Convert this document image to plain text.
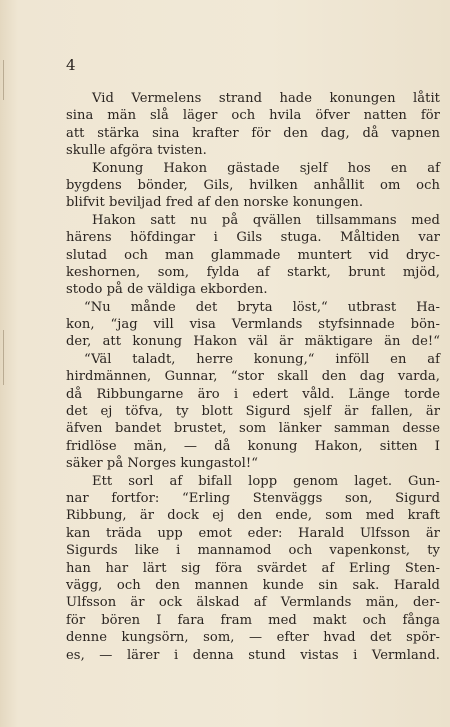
4
Vid Vermelens strand hade konungen låtit
sina män slå läger och hvila öfver natten för
att stärka sina krafter för den dag, då vapnen
skulle afgöra tvisten.
Konung Hakon gästade sjelf hos en af
bygdens bönder, Gils, hvilken anhållit om och
blifvit beviljad fred af den norske konungen.
Hakon satt nu på qvällen tillsammans med
härens höfdingar i Gils stuga. Måltiden var
slutad och man glammade muntert vid dryc-
keshornen, som, fylda af starkt, brunt mjöd,
stodo på de väldiga ekborden.
“Nu månde det bryta löst,“ utbrast Ha-
kon, “jag vill visa Vermlands styfsinnade bön-
der, att konung Hakon väl är mäktigare än de!“
“Väl taladt, herre konung,“ inföll en af
hirdmännen, Gunnar, “stor skall den dag varda,
då Ribbungarne äro i edert våld. Länge torde
det ej töfva, ty blott Sigurd sjelf är fallen, är
äfven bandet brustet, som länker samman desse
fridlöse män, — då konung Hakon, sitten I
säker på Norges kungastol!“
Ett sorl af bifall lopp genom laget. Gun-
nar fortfor: “Erling Stenväggs son, Sigurd
Ribbung, är dock ej den ende, som med kraft
kan träda upp emot eder: Harald Ulfsson är
Sigurds like i mannamod och vapenkonst, ty
han har lärt sig föra svärdet af Erling Sten-
vägg, och den mannen kunde sin sak. Harald
Ulfsson är ock älskad af Vermlands män, der-
för bören I fara fram med makt och fånga
denne kungsörn, som, — efter hvad det spör-
es, — lärer i denna stund vistas i Vermland.
